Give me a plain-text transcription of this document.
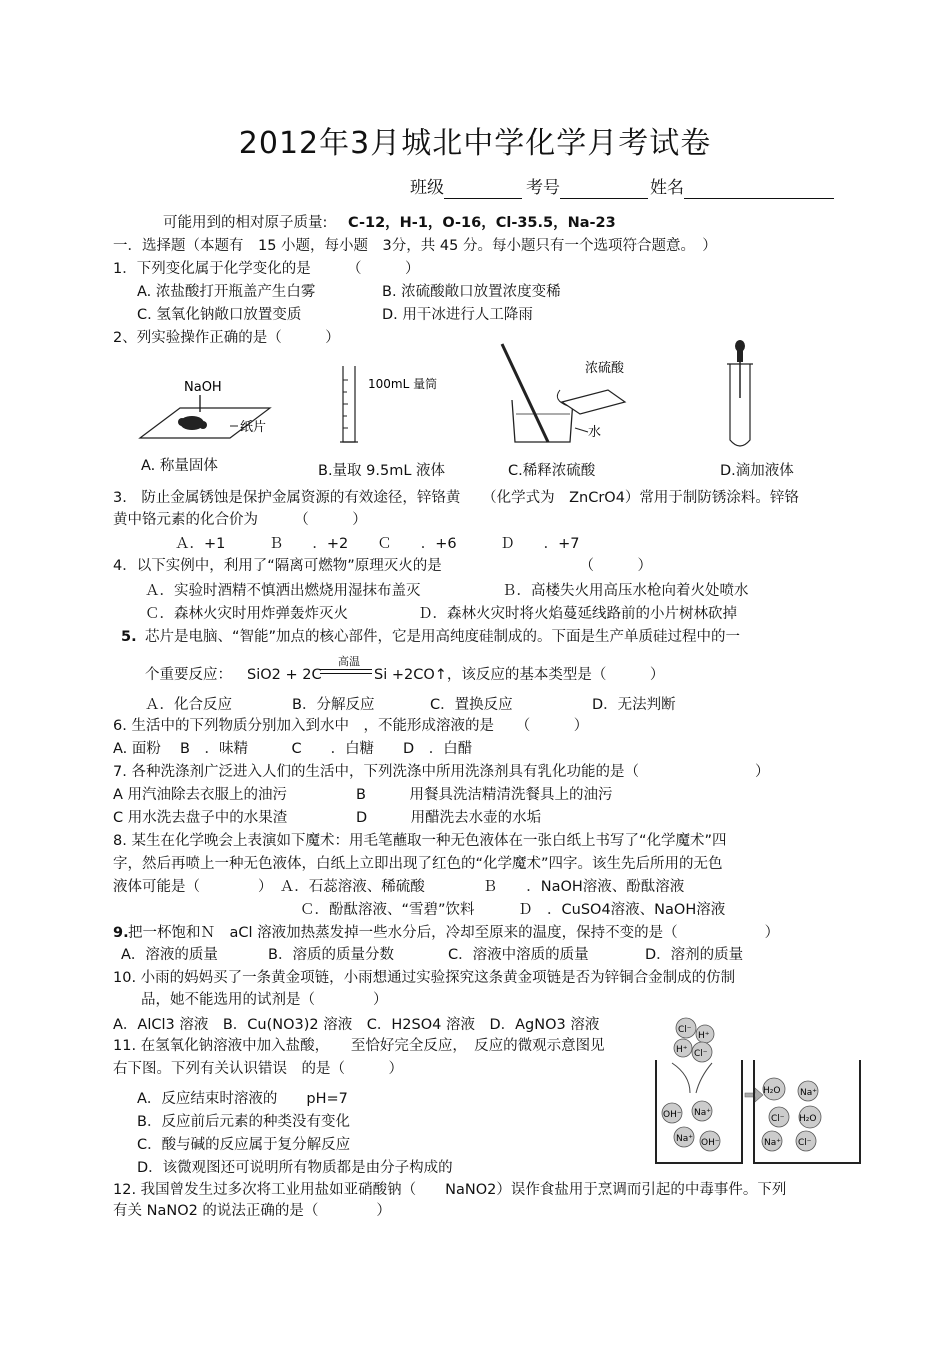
2012年3月城北中学化学月考试卷
班级	考号	姓名
可能用到的相对原子质量: C-12，H-1，O-16，Cl-35.5，Na-23
一．选择题（本题有　15 小题，每小题　3分，共 45 分。每小题只有一个选项符合题意。　）
1．下列变化属于化学变化的是　　　（　　　）
A. 浓盐酸打开瓶盖产生白雾	B. 浓硫酸敞口放置浓度变稀
C. 氢氧化钠敞口放置变质	D. 用干冰进行人工降雨
2、列实验操作正确的是（　　　）
NaOH
纸片
100mL 量筒
浓硫酸
水
A. 称量固体	B.量取 9.5mL 液体	C.稀释浓硫酸	D.滴加液体
3.　防止金属锈蚀是保护金属资源的有效途径，锌铬黄　　（化学式为　ZnCrO4）常用于制防锈涂料。锌铬
黄中铬元素的化合价为　　　（　　　）
Ａ．+1　　　Ｂ　　．+2　　Ｃ　　．+6　　　Ｄ　　．+7
4．以下实例中，利用了“隔离可燃物”原理灭火的是　　　　　　　　　　（　　　）
Ａ．实验时酒精不慎洒出燃烧用湿抹布盖灭	Ｂ．高楼失火用高压水枪向着火处喷水
Ｃ．森林火灾时用炸弹轰炸灭火	Ｄ．森林火灾时将火焰蔓延线路前的小片树林砍掉
5. 芯片是电脑、“智能”加点的核心部件，它是用高纯度硅制成的。下面是生产单质硅过程中的一
个重要反应： SiO2 + 2C
高温
Si +2CO↑，该反应的基本类型是（　　　）
Ａ．化合反应	B．分解反应	C．置换反应	D．无法判断
6. 生活中的下列物质分别加入到水中　，不能形成溶液的是　　（　　　）
A. 面粉　 B　．味精　　　C　　．白糖　　D　．白醋
7. 各种洗涤剂广泛进入人们的生活中，下列洗涤中所用洗涤剂具有乳化功能的是（　　　　　　　　）
A 用汽油除去衣服上的油污	B　　　用餐具洗洁精清洗餐具上的油污
C 用水洗去盘子中的水果渣	D　　　用醋洗去水壶的水垢
8. 某生在化学晚会上表演如下魔术：用毛笔蘸取一种无色液体在一张白纸上书写了“化学魔术”四
字，然后再喷上一种无色液体，白纸上立即出现了红色的“化学魔术”四字。该生先后所用的无色
液体可能是（　　　　）　Ａ．石蕊溶液、稀硫酸　　　　Ｂ　　．NaOH溶液、酚酞溶液
Ｃ．酚酞溶液、“雪碧”饮料　　　Ｄ　．CuSO4溶液、NaOH溶液
9. 把一杯饱和Ｎ　aCl 溶液加热蒸发掉一些水分后，冷却至原来的温度，保持不变的是（　　　　　　）
A．溶液的质量	B．溶质的质量分数	C．溶液中溶质的质量	D．溶剂的质量
10. 小雨的妈妈买了一条黄金项链，小雨想通过实验探究这条黄金项链是否为锌铜合金制成的仿制
品，她不能选用的试剂是（　　　　）
A．AlCl3 溶液　B．Cu(NO3)2 溶液　C．H2SO4 溶液　D．AgNO3 溶液
11. 在氢氧化钠溶液中加入盐酸，　　至恰好完全反应，　反应的微观示意图见
右下图。下列有关认识错误　的是（　　　）
A．反应结束时溶液的　　pH=7
B．反应前后元素的种类没有变化
C．酸与碱的反应属于复分解反应
D．该微观图还可说明所有物质都是由分子构成的
Cl⁻
H⁺
H⁺ Cl⁻
OH⁻ Na⁺
Na⁺ OH⁻
H₂O Na⁺
Cl⁻ H₂O
Na⁺ Cl⁻
12. 我国曾发生过多次将工业用盐如亚硝酸钠（　　NaNO2）误作食盐用于烹调而引起的中毒事件。下列
有关 NaNO2 的说法正确的是（　　　　）
